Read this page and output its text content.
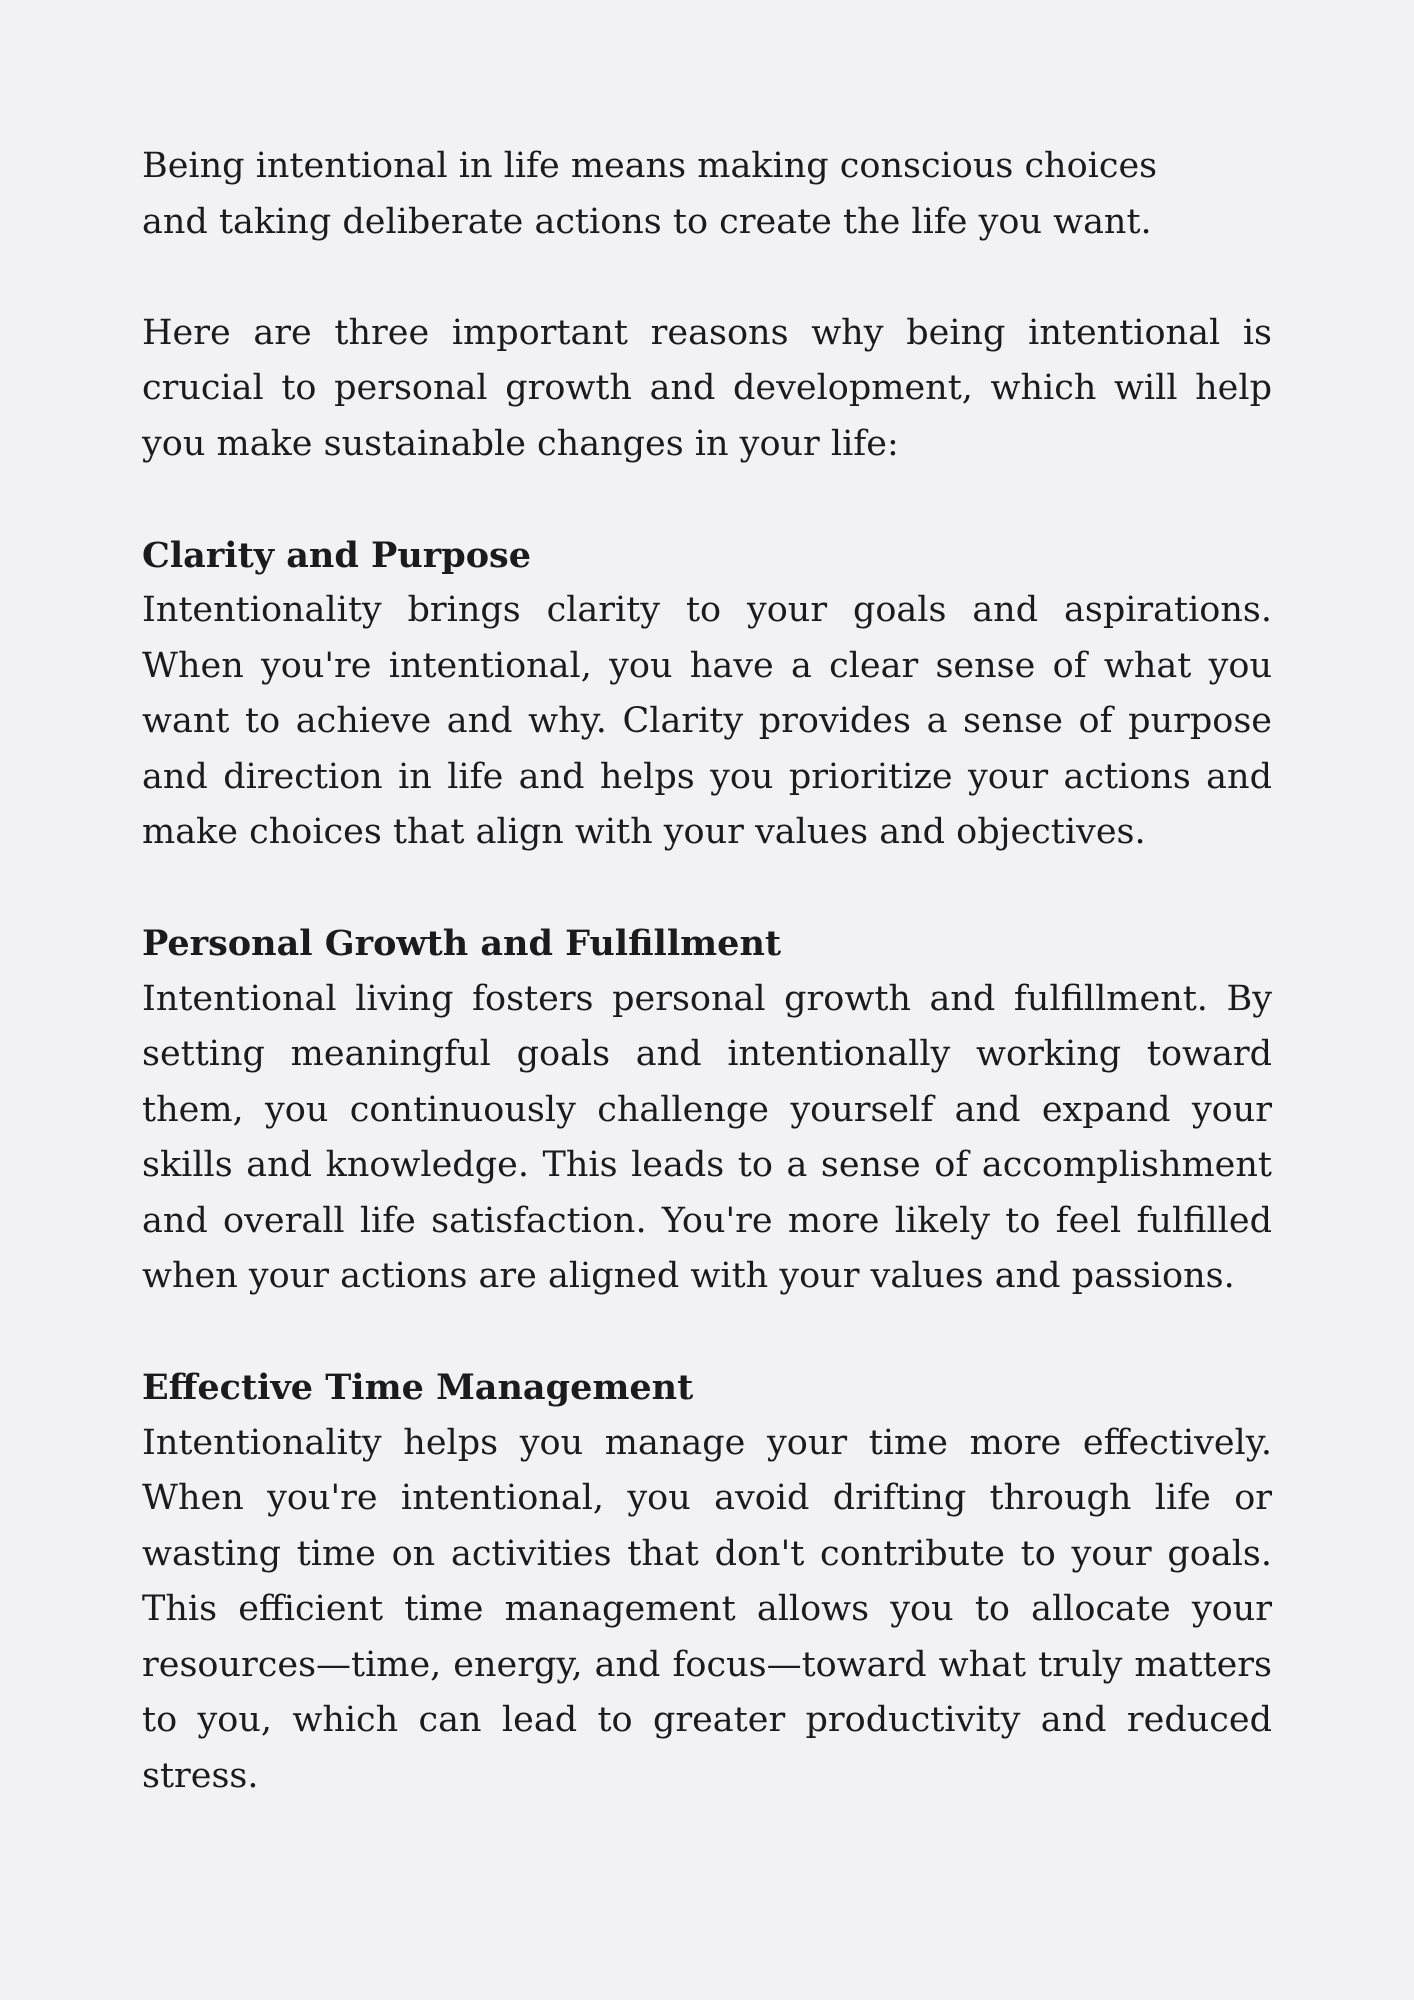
Being intentional in life means making conscious choices
and taking deliberate actions to create the life you want.

Here are three important reasons why being intentional is crucial to personal growth and development, which will help you make sustainable changes in your life:

Clarity and Purpose

Intentionality brings clarity to your goals and aspirations. When you're intentional, you have a clear sense of what you want to achieve and why. Clarity provides a sense of purpose and direction in life and helps you prioritize your actions and make choices that align with your values and objectives.

Personal Growth and Fulfillment

Intentional living fosters personal growth and fulfillment. By setting meaningful goals and intentionally working toward them, you continuously challenge yourself and expand your skills and knowledge. This leads to a sense of accomplishment and overall life satisfaction. You're more likely to feel fulfilled when your actions are aligned with your values and passions.

Effective Time Management

Intentionality helps you manage your time more effectively. When you're intentional, you avoid drifting through life or wasting time on activities that don't contribute to your goals. This efficient time management allows you to allocate your resources—time, energy, and focus—toward what truly matters to you, which can lead to greater productivity and reduced stress.
